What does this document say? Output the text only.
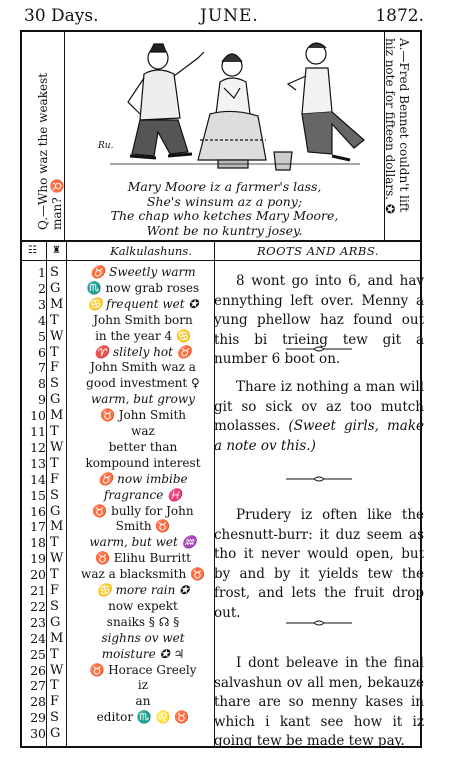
30 Days.	JUNE.	1872.
Q.—Who waz the weakest man? ♉
Ru.
Mary Moore iz a farmer's lass,
She's winsum az a pony;
The chap who ketches Mary Moore,
Wont be no kuntry josey.
A.—Fred Bennet couldn't lift
hiz note for fifteen dollars. ✪
☷ ♜	Kalkulashuns.	ROOTS AND ARBS.
1 S	♉ Sweetly warm
2 G	♏ now grab roses
3 M	♋ frequent wet ✪
4 T	John Smith born
5 W	in the year 4 ♋
6 T	♈ slitely hot ♉
7 F	John Smith waz a
8 S	good investment ♀
9 G	warm, but growy
10 M	♉ John Smith
11 T	waz
12 W	better than
13 T	kompound interest
14 F	♉ now imbibe
15 S	fragrance ♓
16 G	♉ bully for John
17 M	Smith ♉
18 T	warm, but wet ♒
19 W	♉ Elihu Burritt
20 T	waz a blacksmith ♉
21 F	♋ more rain ✪
22 S	now expekt
23 G	snaiks § ☊ §
24 M	sighns ov wet
25 T	moisture ✪ ♃
26 W	♉ Horace Greely
27 T	iz
28 F	an
29 S	editor ♏ ♌ ♉
30 G

8 wont go into 6, and hav ennything left over. Menny a yung phellow haz found out this bi trieing tew git a number 6 boot on.

Thare iz nothing a man will git so sick ov az too mutch molasses. (Sweet girls, make a note ov this.)

Prudery iz often like the chesnutt-burr: it duz seem as tho it never would open, but by and by it yields tew the frost, and lets the fruit drop out.

I dont beleave in the final salvashun ov all men, bekauze thare are so menny kases in which i kant see how it iz going tew be made tew pay.
